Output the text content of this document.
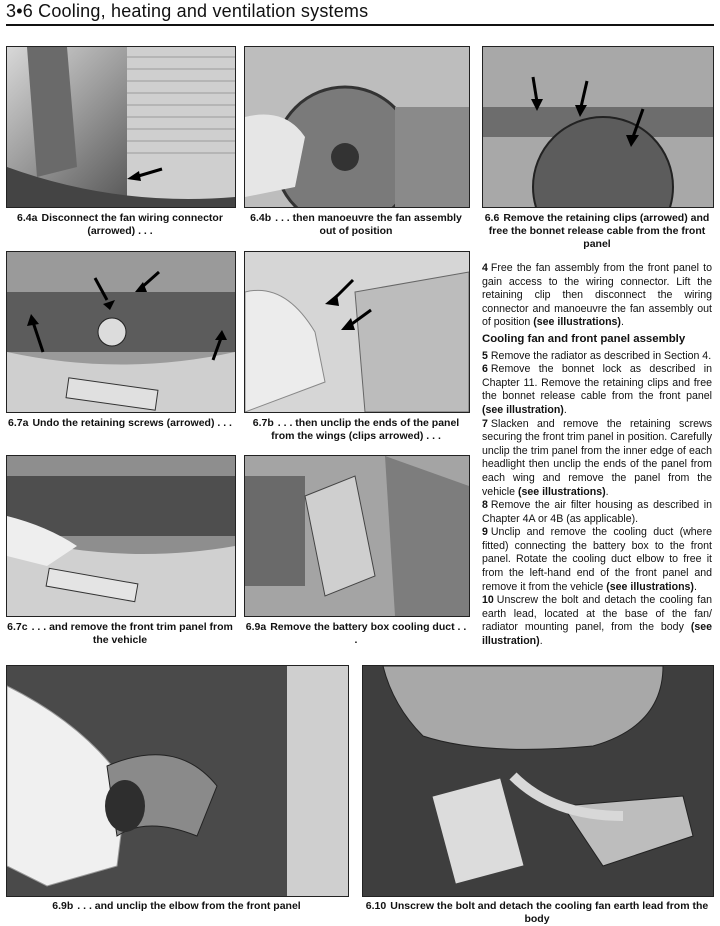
3•6 Cooling, heating and ventilation systems
6.4a Disconnect the fan wiring connector (arrowed) . . .
6.4b . . . then manoeuvre the fan assembly out of position
6.6 Remove the retaining clips (arrowed) and free the bonnet release cable from the front panel
6.7a Undo the retaining screws (arrowed) . . .	6.7b . . . then unclip the ends of the panel from the wings (clips arrowed) . . .
6.7c . . . and remove the front trim panel from the vehicle
6.9a Remove the battery box cooling duct . . .
6.9b . . . and unclip the elbow from the front panel	6.10 Unscrew the bolt and detach the cooling fan earth lead from the body

4 Free the fan assembly from the front panel to gain access to the wiring connector. Lift the retaining clip then disconnect the wiring connector and manoeuvre the fan assembly out of position (see illustrations).

Cooling fan and front panel assembly

5 Remove the radiator as described in Section 4.

6 Remove the bonnet lock as described in Chapter 11. Remove the retaining clips and free the bonnet release cable from the front panel (see illustration).

7 Slacken and remove the retaining screws securing the front trim panel in position. Carefully unclip the trim panel from the inner edge of each headlight then unclip the ends of the panel from each wing and remove the panel from the vehicle (see illustrations).

8 Remove the air filter housing as described in Chapter 4A or 4B (as applicable).

9 Unclip and remove the cooling duct (where fitted) connecting the battery box to the front panel. Rotate the cooling duct elbow to free it from the left-hand end of the front panel and remove it from the vehicle (see illustrations).

10 Unscrew the bolt and detach the cooling fan earth lead, located at the base of the fan/ radiator mounting panel, from the body (see illustration).
